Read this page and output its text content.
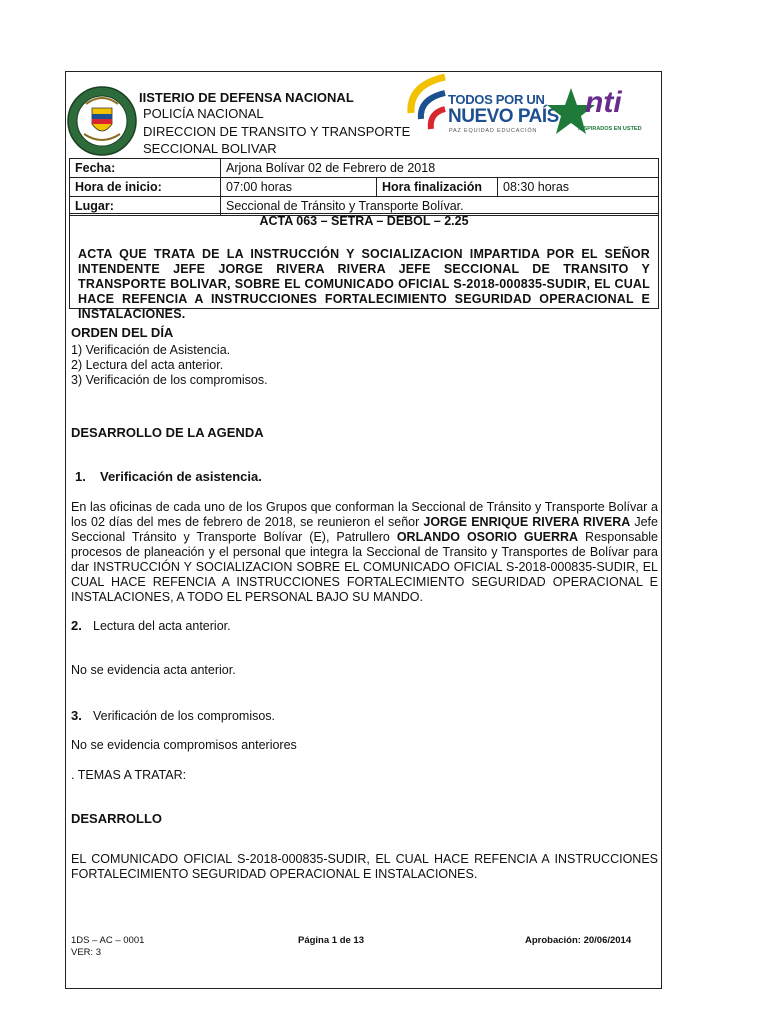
IISTERIO DE DEFENSA NACIONAL
POLICÍA NACIONAL
DIRECCION DE TRANSITO Y TRANSPORTE
SECCIONAL BOLIVAR
TODOS POR UN
NUEVO PAÍS
PAZ EQUIDAD EDUCACIÓN
nti
INSPIRADOS EN USTED
Fecha:	Arjona Bolívar 02 de Febrero de 2018		
Hora de inicio:	07:00 horas	Hora finalización	08:30 horas
Lugar:	Seccional de Tránsito y Transporte Bolívar.		
ACTA 063 – SETRA – DEBOL – 2.25
ACTA QUE TRATA DE LA INSTRUCCIÓN Y SOCIALIZACION IMPARTIDA POR EL SEÑOR INTENDENTE JEFE JORGE RIVERA RIVERA JEFE SECCIONAL DE TRANSITO Y TRANSPORTE BOLIVAR, SOBRE EL COMUNICADO OFICIAL S-2018-000835-SUDIR, EL CUAL HACE REFENCIA A INSTRUCCIONES FORTALECIMIENTO SEGURIDAD OPERACIONAL E INSTALACIONES.
ORDEN DEL DÍA
1) Verificación de Asistencia.
2) Lectura del acta anterior.
3) Verificación de los compromisos.
DESARROLLO DE LA AGENDA
1. Verificación de asistencia.
En las oficinas de cada uno de los Grupos que conforman la Seccional de Tránsito y Transporte Bolívar a los 02 días del mes de febrero de 2018, se reunieron el señor JORGE ENRIQUE RIVERA RIVERA Jefe Seccional Tránsito y Transporte Bolívar (E), Patrullero ORLANDO OSORIO GUERRA Responsable procesos de planeación y el personal que integra la Seccional de Transito y Transportes de Bolívar para dar INSTRUCCIÓN Y SOCIALIZACION SOBRE EL COMUNICADO OFICIAL S-2018-000835-SUDIR, EL CUAL HACE REFENCIA A INSTRUCCIONES FORTALECIMIENTO SEGURIDAD OPERACIONAL E INSTALACIONES, A TODO EL PERSONAL BAJO SU MANDO.
2. Lectura del acta anterior.
No se evidencia acta anterior.
3. Verificación de los compromisos.
No se evidencia compromisos anteriores
. TEMAS A TRATAR:
DESARROLLO
EL COMUNICADO OFICIAL S-2018-000835-SUDIR, EL CUAL HACE REFENCIA A INSTRUCCIONES FORTALECIMIENTO SEGURIDAD OPERACIONAL E INSTALACIONES.
1DS – AC – 0001
VER: 3
Página 1 de 13	Aprobación: 20/06/2014
